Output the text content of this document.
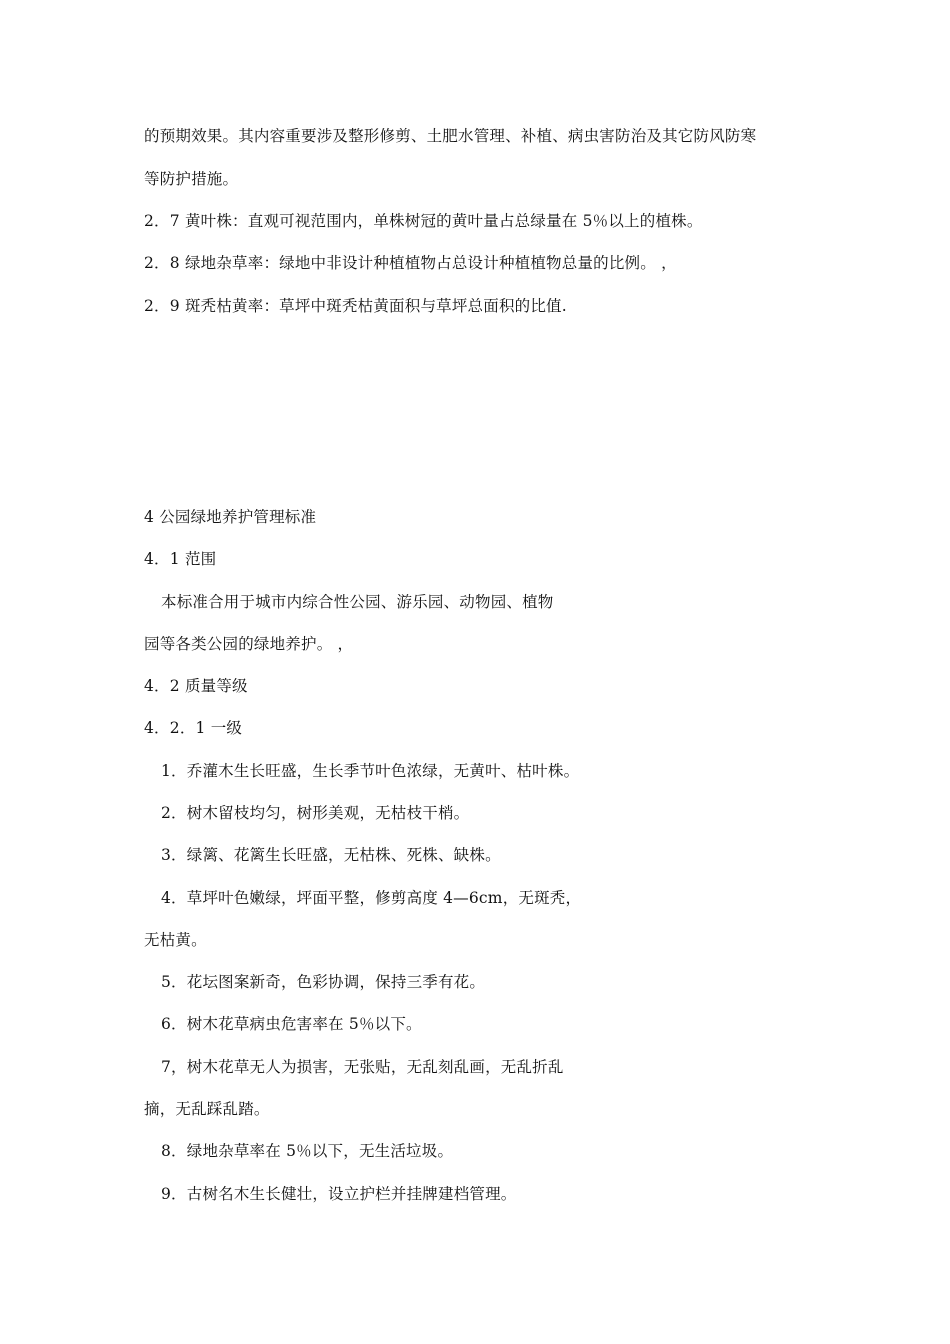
的预期效果。其内容重要涉及整形修剪、土肥水管理、补植、病虫害防治及其它防风防寒
等防护措施。
2．7 黄叶株：直观可视范围内，单株树冠的黄叶量占总绿量在 5％以上的植株。
2．8 绿地杂草率：绿地中非设计种植植物占总设计种植植物总量的比例。 ，
2．9 斑秃枯黄率：草坪中斑秃枯黄面积与草坪总面积的比值.
4 公园绿地养护管理标准
4．1 范围
本标准合用于城市内综合性公园、游乐园、动物园、植物
园等各类公园的绿地养护。 ，
4．2 质量等级
4．2．1 一级
1．乔灌木生长旺盛，生长季节叶色浓绿，无黄叶、枯叶株。
2．树木留枝均匀，树形美观，无枯枝干梢。
3．绿篱、花篱生长旺盛，无枯株、死株、缺株。
4．草坪叶色嫩绿，坪面平整，修剪高度 4—6cm，无斑秃，
无枯黄。
5．花坛图案新奇，色彩协调，保持三季有花。
6．树木花草病虫危害率在 5％以下。
7，树木花草无人为损害，无张贴，无乱刻乱画，无乱折乱
摘，无乱踩乱踏。
8．绿地杂草率在 5％以下，无生活垃圾。
9．古树名木生长健壮，设立护栏并挂牌建档管理。
